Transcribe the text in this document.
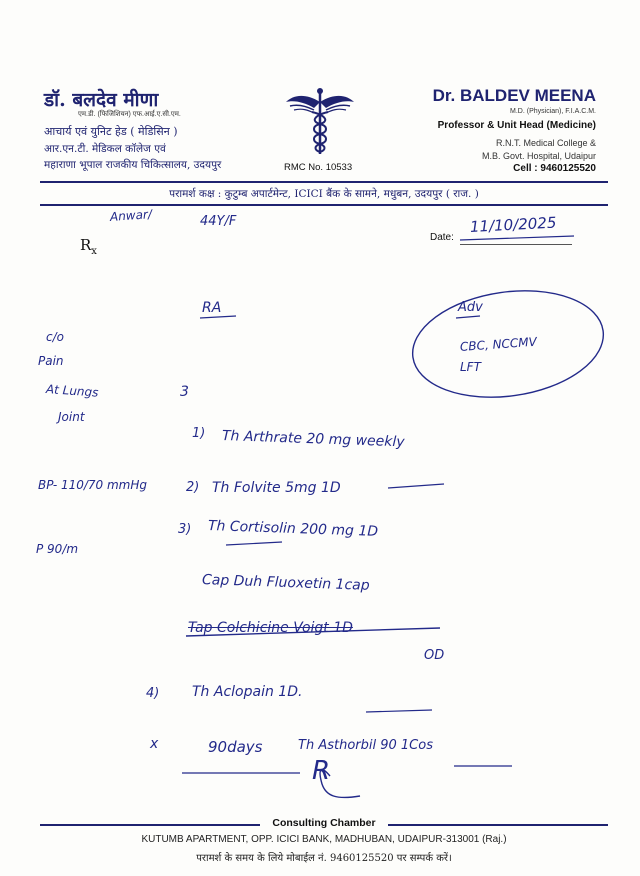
डॉ. बलदेव मीणा
एम.डी. (फिजिशियन) एफ.आई.ए.सी.एम.
आचार्य एवं युनिट हेड ( मेडिसिन )
आर.एन.टी. मेडिकल कॉलेज एवं
महाराणा भूपाल राजकीय चिकित्सालय, उदयपुर	RMC No. 10533
Dr. BALDEV MEENA
M.D. (Physician), F.I.A.C.M.
Professor & Unit Head (Medicine)
R.N.T. Medical College &
M.B. Govt. Hospital, Udaipur
Cell : 9460125520
परामर्श कक्ष : कुटुम्ब अपार्टमेन्ट, ICICI बैंक के सामने, मधुबन, उदयपुर ( राज. )
$R_x$
Date:
Anwar/	44Y/F	11/10/2025
RA	Adv
CBC, NCCMV
LFT
c/o
Pain
At Lungs
Joint
3
BP- 110/70 mmHg
P 90/m
1) Th Arthrate 20 mg weekly
2) Th Folvite 5mg 1D
3) Th Cortisolin 200 mg 1D
Cap Duh Fluoxetin 1cap
Tap Colchicine Voigt 1D
OD
4) Th Aclopain 1D.
x	90days	Th Asthorbil 90 1Cos
R
Consulting Chamber
KUTUMB APARTMENT, OPP. ICICI BANK, MADHUBAN, UDAIPUR-313001 (Raj.)
परामर्श के समय के लिये मोबाईल नं. 9460125520 पर सम्पर्क करें।
